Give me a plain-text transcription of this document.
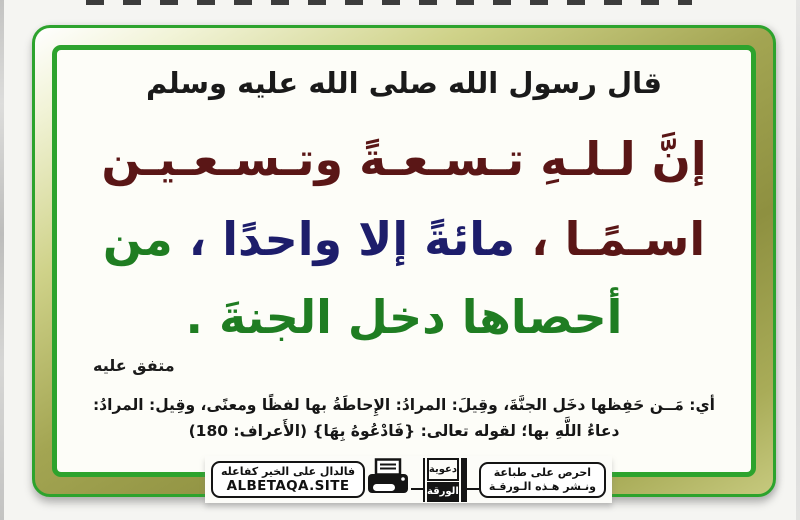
قال رسول الله صلى الله عليه وسلم
إنَّ لـلـهِ تـسـعـةً وتـسـعـيـن
اسـمًـا ، مائةً إلا واحدًا ، من
أحصاها دخل الجنةَ .
متفق عليه
أي: مَــن حَفِظها دخَل الجنَّةَ، وقِيلَ: المرادُ: الإِحاطَةُ بها لفظًا ومعنًى، وقِيل: المرادُ:
دعاءُ اللَّهِ بها؛ لقوله تعالى: {فَادْعُوهُ بِهَا} (الأَعراف: 180)
احرص على طباعة
ونـشر هـذه الـورقـة
دعوية
الورقة
فالدال على الخير كفاعله
ALBETAQA.SITE
